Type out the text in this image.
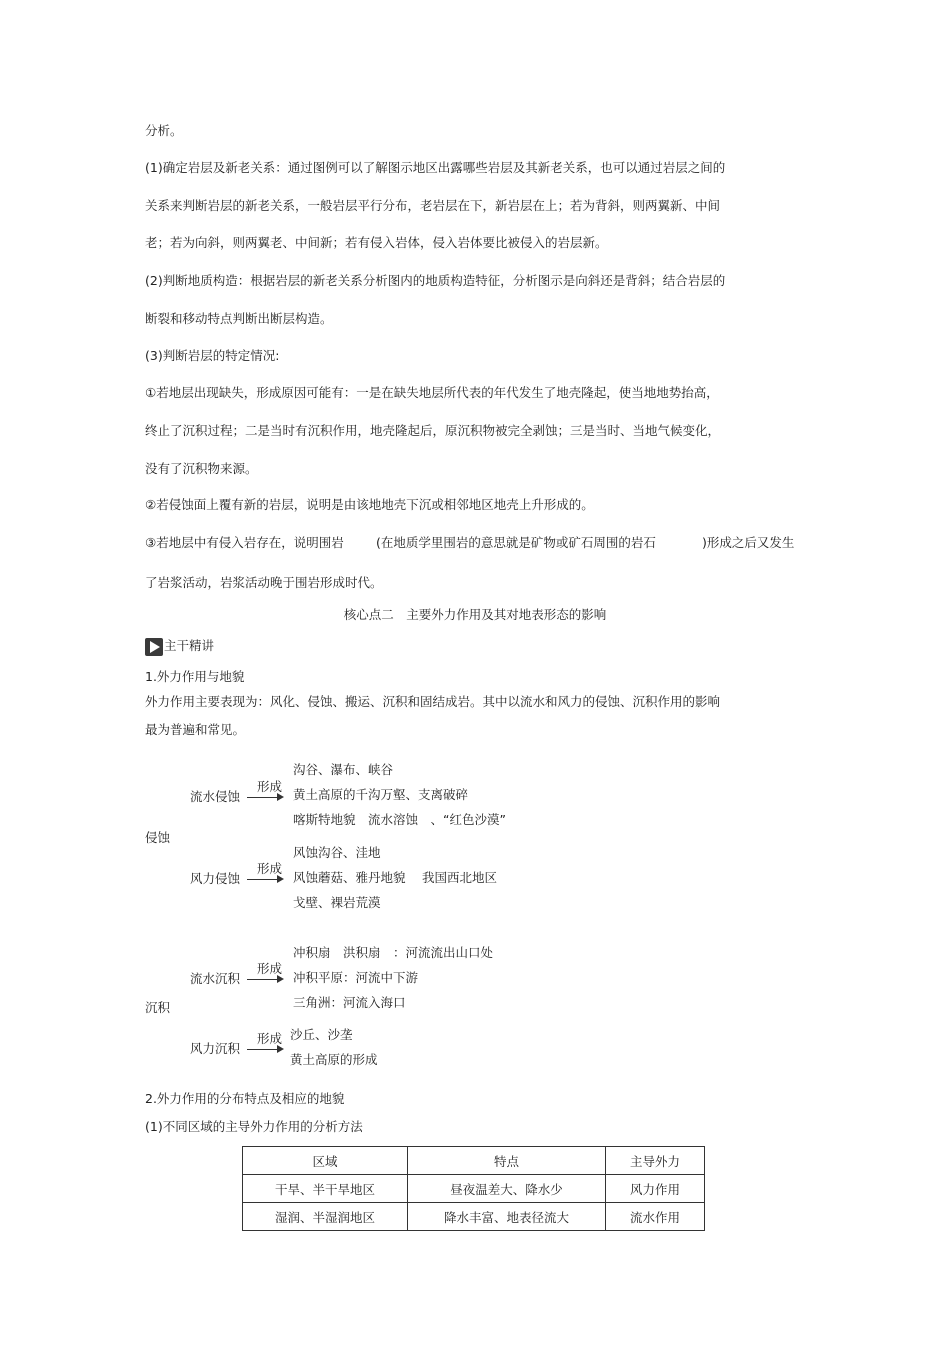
分析。
(1)确定岩层及新老关系：通过图例可以了解图示地区出露哪些岩层及其新老关系，也可以通过岩层之间的
关系来判断岩层的新老关系，一般岩层平行分布，老岩层在下，新岩层在上；若为背斜，则两翼新、中间
老；若为向斜，则两翼老、中间新；若有侵入岩体，侵入岩体要比被侵入的岩层新。
(2)判断地质构造：根据岩层的新老关系分析图内的地质构造特征，分析图示是向斜还是背斜；结合岩层的
断裂和移动特点判断出断层构造。
(3)判断岩层的特定情况:
①若地层出现缺失，形成原因可能有：一是在缺失地层所代表的年代发生了地壳隆起，使当地地势抬高，
终止了沉积过程；二是当时有沉积作用，地壳隆起后，原沉积物被完全剥蚀；三是当时、当地气候变化，
没有了沉积物来源。
②若侵蚀面上覆有新的岩层，说明是由该地地壳下沉或相邻地区地壳上升形成的。
③若地层中有侵入岩存在，说明围岩	(在地质学里围岩的意思就是矿物或矿石周围的岩石	)形成之后又发生
了岩浆活动，岩浆活动晚于围岩形成时代。
核心点二　主要外力作用及其对地表形态的影响
主干精讲
1.外力作用与地貌
外力作用主要表现为：风化、侵蚀、搬运、沉积和固结成岩。其中以流水和风力的侵蚀、沉积作用的影响
最为普遍和常见。
侵蚀
流水侵蚀
形成
沟谷、瀑布、峡谷
黄土高原的千沟万壑、支离破碎
喀斯特地貌　流水溶蚀　、“红色沙漠”
风力侵蚀
形成
风蚀沟谷、洼地
风蚀蘑菇、雅丹地貌　 我国西北地区
戈壁、裸岩荒漠
沉积
流水沉积
形成
冲积扇　洪积扇　：河流流出山口处
冲积平原：河流中下游
三角洲：河流入海口
风力沉积
形成 沙丘、沙垄
黄土高原的形成
2.外力作用的分布特点及相应的地貌
(1)不同区域的主导外力作用的分析方法
区域	特点	主导外力
干旱、半干旱地区	昼夜温差大、降水少	风力作用
湿润、半湿润地区	降水丰富、地表径流大	流水作用
